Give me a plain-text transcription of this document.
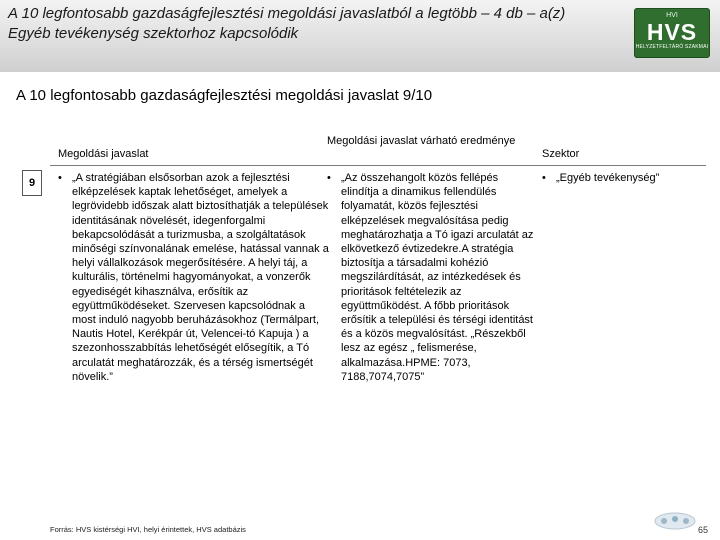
A 10 legfontosabb gazdaságfejlesztési megoldási javaslatból a legtöbb – 4 db – a(z) Egyéb tevékenység szektorhoz kapcsolódik
HVI
HVS
HELYZETFELTÁRÓ SZAKMAI
A 10 legfontosabb gazdaságfejlesztési megoldási javaslat 9/10
Megoldási javaslat
Megoldási javaslat várható eredménye
Szektor
9	• „A stratégiában elsősorban azok a fejlesztési elképzelések kaptak lehetőséget, amelyek a legrövidebb időszak alatt biztosíthatják a települések identitásának növelését, idegenforgalmi bekapcsolódását a turizmusba, a szolgáltatások minőségi színvonalának emelése, hatással vannak a helyi vállalkozások megerősítésére. A helyi táj, a kulturális, történelmi hagyományokat, a vonzerők egyediségét kihasználva, erősítik az együttműködéseket. Szervesen kapcsolódnak a most induló nagyobb beruházásokhoz (Termálpart, Nautis Hotel, Kerékpár út, Velencei-tó Kapuja ) a szezonhosszabbítás lehetőségét elősegítik, a Tó arculatát meghatározzák, és a térség ismertségét növelik.”
• „Az összehangolt közös fellépés elindítja a dinamikus fellendülés folyamatát, közös fejlesztési elképzelések megvalósítása pedig meghatározhatja a Tó igazi arculatát az elkövetkező évtizedekre.A stratégia biztosítja a társadalmi kohézió megszilárdítását, az intézkedések és prioritások feltételezik az együttműködést. A főbb prioritások erősítik a települési és térségi identitást és a közös megvalósítást. „Részekből lesz az egész „ felismerése, alkalmazása.HPME: 7073, 7188,7074,7075”
• „Egyéb tevékenység”
Forrás: HVS kistérségi HVI, helyi érintettek, HVS adatbázis	65
